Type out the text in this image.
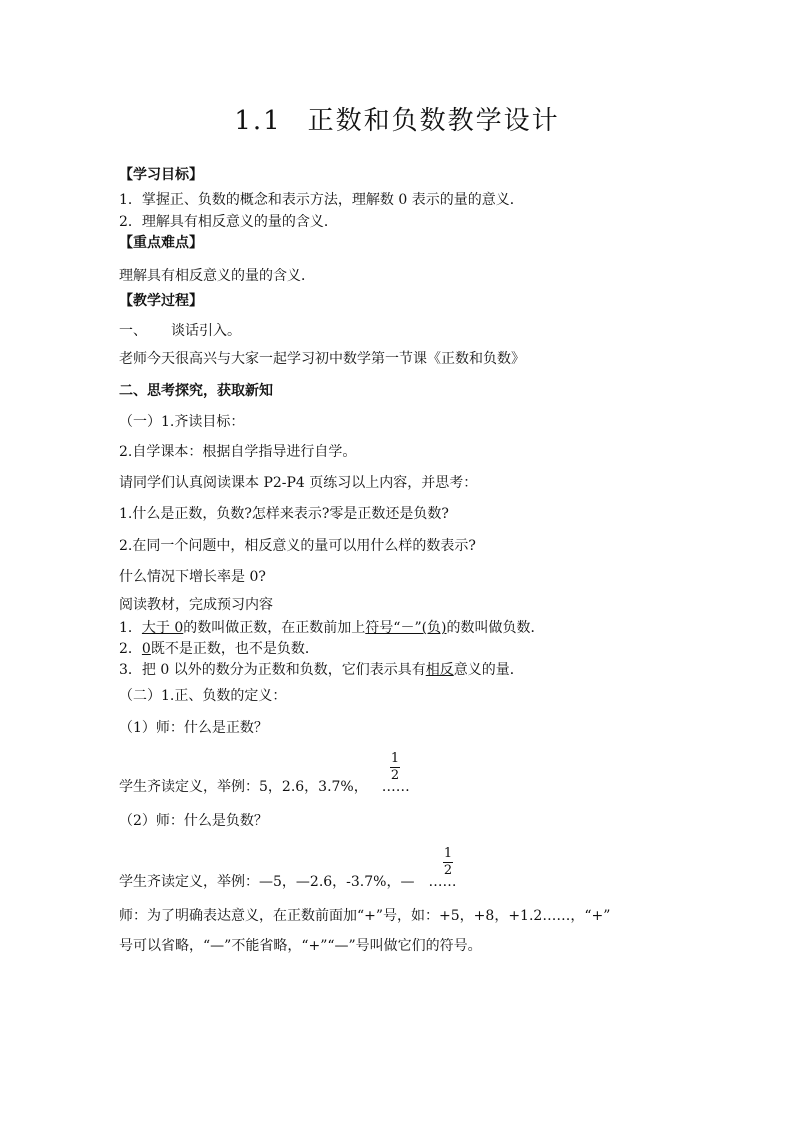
1.1 正数和负数教学设计
【学习目标】
1．掌握正、负数的概念和表示方法，理解数 0 表示的量的意义．
2．理解具有相反意义的量的含义．
【重点难点】
理解具有相反意义的量的含义．
【教学过程】
一、 谈话引入。
老师今天很高兴与大家一起学习初中数学第一节课《正数和负数》
二、思考探究，获取新知
（一）1.齐读目标：
2.自学课本：根据自学指导进行自学。
请同学们认真阅读课本 P2-P4 页练习以上内容，并思考：
1.什么是正数，负数?怎样来表示?零是正数还是负数?
2.在同一个问题中，相反意义的量可以用什么样的数表示?
什么情况下增长率是 0?
阅读教材，完成预习内容
1．大于 0的数叫做正数，在正数前加上符号“－”(负)的数叫做负数．
2．0既不是正数，也不是负数．
3．把 0 以外的数分为正数和负数，它们表示具有相反意义的量．
（二）1.正、负数的定义：
（1）师：什么是正数？
$\frac{1}{2}$
学生齐读定义，举例：5，2.6，3.7%， ……
（2）师：什么是负数？
$\frac{1}{2}$
学生齐读定义，举例：—5，—2.6，-3.7%，— ……
师：为了明确表达意义，在正数前面加“+”号，如：+5，+8，+1.2……，“+”
号可以省略，“—”不能省略，“+”“—”号叫做它们的符号。
